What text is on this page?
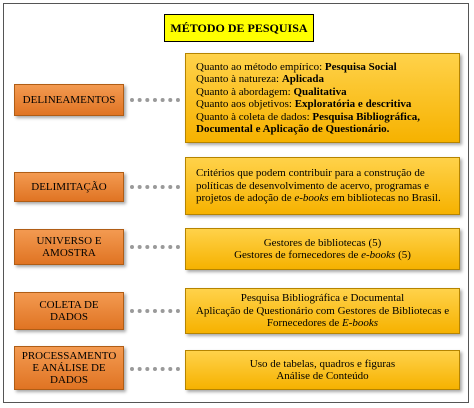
MÉTODO DE PESQUISA
DELINEAMENTOS
Quanto ao método empírico: Pesquisa Social
Quanto à natureza: Aplicada
Quanto à abordagem: Qualitativa
Quanto aos objetivos: Exploratória e descritiva
Quanto à coleta de dados: Pesquisa Bibliográfica,
Documental e Aplicação de Questionário.
DELIMITAÇÃO
Critérios que podem contribuir para a construção de
políticas de desenvolvimento de acervo, programas e
projetos de adoção de e-books em bibliotecas no Brasil.
UNIVERSO E
AMOSTRA
Gestores de bibliotecas (5)
Gestores de fornecedores de e-books (5)
COLETA DE
DADOS
Pesquisa Bibliográfica e Documental
Aplicação de Questionário com Gestores de Bibliotecas e
Fornecedores de E-books
PROCESSAMENTO
E ANÁLISE DE
DADOS
Uso de tabelas, quadros e figuras
Análise de Conteúdo
